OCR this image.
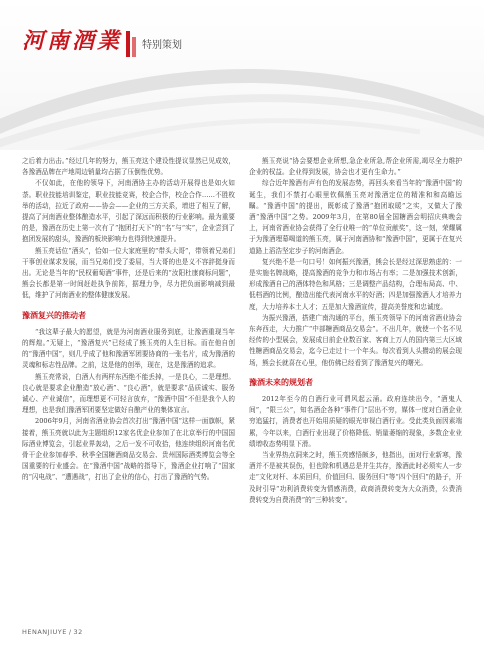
河南酒業 特别策划

之后着力出击。”经过几年的努力，熊玉亮这个建设性提议显然已见成效，各豫酒品牌在产地周边销量均占据了压倒性优势。

不仅如此，在他的领导下，河南酒协主办的活动开展得也是如火如荼。职业技能培训鉴定，职业技能竞赛，校企合作，校企合作……不胜枚举的活动，拉近了政府——协会——企业的三方关系，增进了相互了解，提高了河南酒业整体酿造水平，引起了深远而积极的行业影响。最为重要的是，豫酒在历史上第一次有了“抱团打天下”的“名”与“实”，企业尝到了抱团发展的甜头，豫酒的板块影响力也得到快速提升。

熊玉亮话位“酒头”，恰如一位大家庭里的“带头大哥”，带领着兄弟们干事创业谋求发展，而当兄弟们受了委屈，当大哥的也是义不容辞挺身而出。无论是当年的“民权葡萄酒”事件，还是后来的“汝阳杜康商标问题”，熊会长都是第一时间赶赴执争前阵，据理力争，尽力把负面影响减到最低，维护了河南酒业的整体健康发展。

豫酒复兴的推动者

“我这辈子最大的愿望，就是为河南酒业服务到底，让豫酒重现当年的辉煌。”无疑上，“豫酒复兴”已经成了熊玉亮的人生目标。而在他自创的“豫酒中国”，则几乎成了他和豫酒军团要协商的一张名片，成为豫酒的灵魂和标志性品牌。之前，这是他的创举，现在，这是豫酒的追求。

熊玉亮常说，白酒人有两样东西绝不能丢掉，一是良心，二是理想。良心就是要求企业酿造“放心酒”、“良心酒”，就是要求“品质诚实、服务诚心、产业诚信”，而理想更不可轻言放弃，“豫酒中国”不但是我个人的理想，也是我们豫酒军团要坚定做好自酿产业的集体宣言。

2006年9月，河南省酒业协会首次打出“豫酒中国”这样一面旗帜，紧接着，熊玉亮就以此为主题组织12家名优企业参加了在北京举行的中国国际酒业博览会，引起业界轰动，之后一发不可收拾，他连续组织河南名优骨干企业参加春季、秋季全国糖酒商品交易会、贵州国际酒类博览会等全国重要的行业盛会。在“豫酒中国”战略的指导下，豫酒企业打响了“国家的“闪电战”、“遭遇战”，打出了企业的信心，打出了豫酒的气势。

熊玉亮说“协会要想企业所想,急企业所急,帮企业所需,竭尽全力维护企业的权益。企业得到发展，协会也才更有生命力。”

综合近年豫酒有声有色的发展态势，再回头来看当年的“豫酒中国”的诞生，我们不禁打心眼里钦佩熊玉亮对豫酒定位的精准和和高瞻远瞩。“豫酒中国”的提出，既彰成了豫酒“抱团取暖”之实，又做大了豫酒“豫酒中国”之势。2009年3月，在第80届全国糖酒会明招庆典晚会上，河南省酒业协会获得了全行业唯一的“单位贡献奖”，这一刻，荣耀属于为豫酒埋幕喝道的熊玉亮，属于河南酒协和“豫酒中国”，更属于在复兴道路上滔浩坚定步子的河南酒企。

复兴绝不是一句口号！如何振兴豫酒，熊会长是经过深思熟虑的：一是实施名牌战略，提高豫酒的竞争力和市场占有率；二是加强技术创新，形成豫酒自己的酒体特色和风格；三是调整产品结构，合理布局高、中、低档酒的比例，酿造出能代表河南水平的好酒；四是加强豫酒人才培养力度，大力培养本土人才；五是加大豫酒宣传，提高美誉度和忠诚度。

为振兴豫酒，搭建广南沟通的平台，熊玉亮领导下的河南省酒业协会东奔西走，大力推广“中部糖酒商品交易会”。不出几年，就使一个名不见经传的小型展会，发展成目前企业数百家、客商上万人的国内第三大区域性糖酒商品交易会，迄今已走过十一个年头。每次看到人头攒动的展会现场，熊会长就喜在心里，他仿佛已经看到了豫酒复兴的曙光。

豫酒未来的规划者

2012年至今的白酒行业可谓风起云涌。政府连续出令，“酒鬼人间”，“限三公”，知名酒企各种“事件门”层出不穷，媒体一度对白酒企业穷追猛打，消费者也开始用质疑的眼光审视白酒行业。受此类负面因素端累，今年以来，白酒行业出现了价格降低、销量萎缩的现象，多数企业业绩增收态势明显下滑。

当业界热点洞来之时，熊玉亮感悟颇多，他指出，面对行业新寒，豫酒并不是被其误伤，但也除和机遇总是并生共存，豫酒此时必须实人一步走“文化对杆、本质回归，价值回归、服务回归”等“四个回归”的路子，开及时引导“功利消费转变为情感消费，政商消费转变为大众消费，公费消费转变为自费消费”的“三种转变”。

HENANJIUYE / 32
